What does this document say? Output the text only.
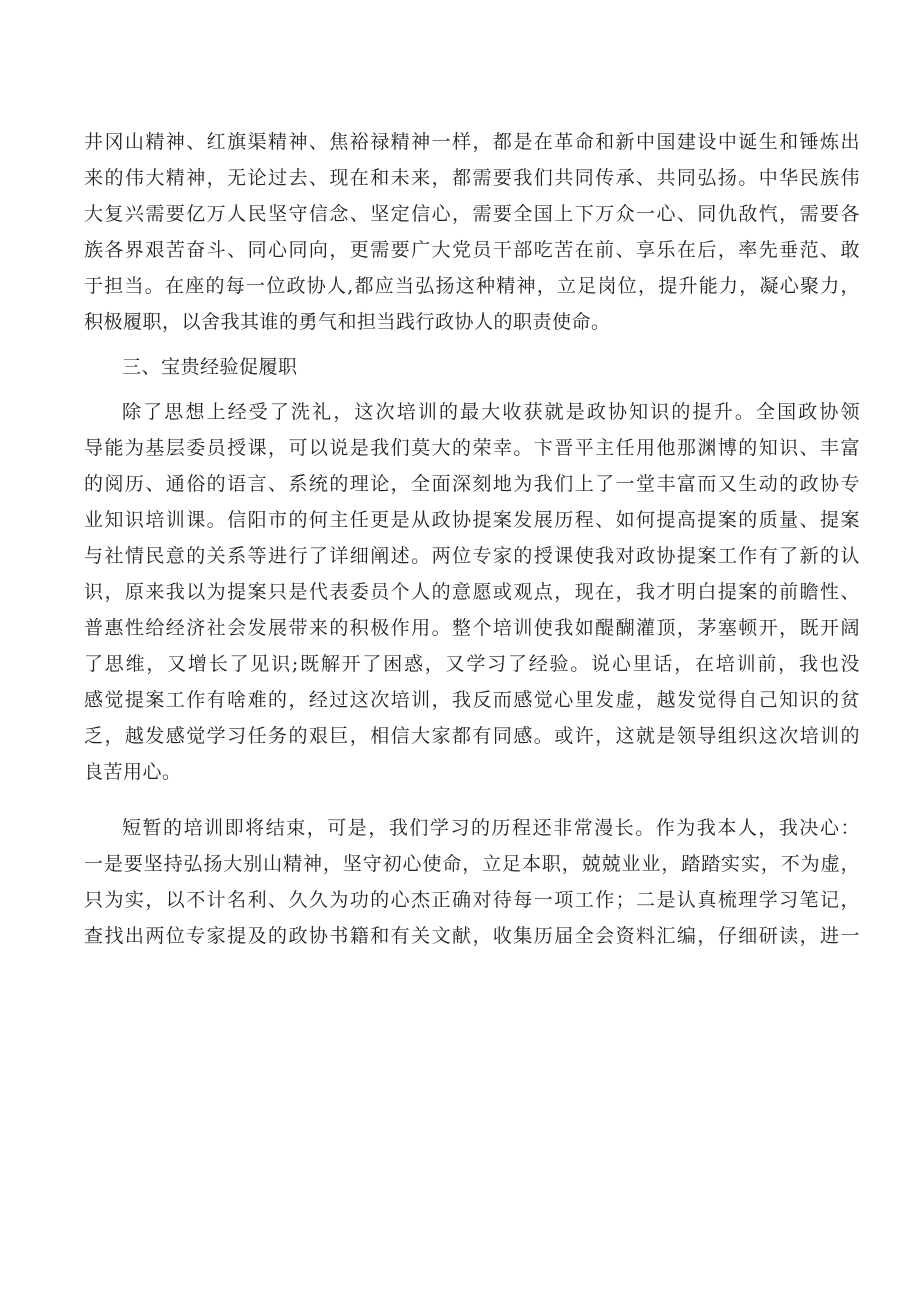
井冈山精神、红旗渠精神、焦裕禄精神一样，都是在革命和新中国建设中诞生和锤炼出
来的伟大精神，无论过去、现在和未来，都需要我们共同传承、共同弘扬。中华民族伟
大复兴需要亿万人民坚守信念、坚定信心，需要全国上下万众一心、同仇敌忾，需要各
族各界艰苦奋斗、同心同向，更需要广大党员干部吃苦在前、享乐在后，率先垂范、敢
于担当。在座的每一位政协人,都应当弘扬这种精神，立足岗位，提升能力，凝心聚力，
积极履职，以舍我其谁的勇气和担当践行政协人的职责使命。
三、宝贵经验促履职
除了思想上经受了洗礼，这次培训的最大收获就是政协知识的提升。全国政协领
导能为基层委员授课，可以说是我们莫大的荣幸。卞晋平主任用他那渊博的知识、丰富
的阅历、通俗的语言、系统的理论，全面深刻地为我们上了一堂丰富而又生动的政协专
业知识培训课。信阳市的何主任更是从政协提案发展历程、如何提高提案的质量、提案
与社情民意的关系等进行了详细阐述。两位专家的授课使我对政协提案工作有了新的认
识，原来我以为提案只是代表委员个人的意愿或观点，现在，我才明白提案的前瞻性、
普惠性给经济社会发展带来的积极作用。整个培训使我如醍醐灌顶，茅塞顿开，既开阔
了思维，又增长了见识;既解开了困惑，又学习了经验。说心里话，在培训前，我也没
感觉提案工作有啥难的，经过这次培训，我反而感觉心里发虚，越发觉得自己知识的贫
乏，越发感觉学习任务的艰巨，相信大家都有同感。或许，这就是领导组织这次培训的
良苦用心。
短暂的培训即将结束，可是，我们学习的历程还非常漫长。作为我本人，我决心：
一是要坚持弘扬大别山精神，坚守初心使命，立足本职，兢兢业业，踏踏实实，不为虚，
只为实，以不计名利、久久为功的心杰正确对待每一项工作；二是认真梳理学习笔记，
查找出两位专家提及的政协书籍和有关文献，收集历届全会资料汇编，仔细研读，进一
